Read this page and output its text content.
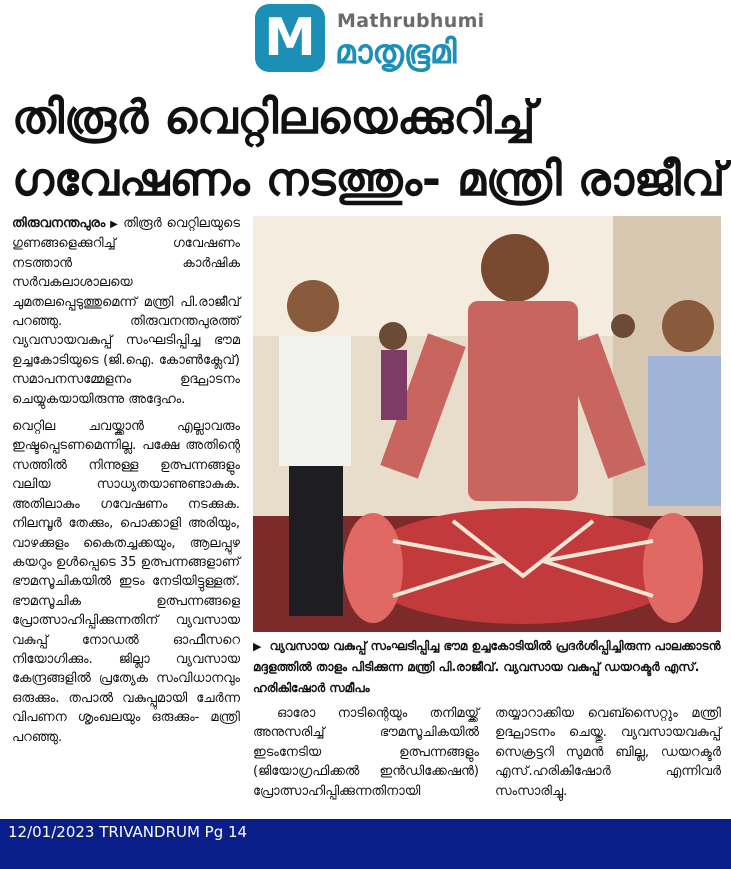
M Mathrubhumi
മാതൃഭൂമി
തിരൂർ വെറ്റിലയെക്കുറിച്ച്
ഗവേഷണം നടത്തും- മന്ത്രി രാജീവ്

തിരുവനന്തപുരം ▶ തിരൂർ വെറ്റിലയുടെ ഗുണങ്ങളെക്കുറിച്ച് ഗവേഷണം നടത്താൻ കാർഷിക സർവകലാശാലയെ ചുമതലപ്പെടുത്തുമെന്ന് മന്ത്രി പി.രാജീവ് പറഞ്ഞു. തിരുവനന്തപുരത്ത് വ്യവസായവകുപ്പ് സംഘടിപ്പിച്ച ഭൗമ ഉച്ചകോടിയുടെ (ജി.ഐ. കോൺക്ലേവ്) സമാപനസമ്മേളനം ഉദ്ഘാടനം ചെയ്യുകയായിരുന്നു അദ്ദേഹം.

വെറ്റില ചവയ്ക്കാൻ എല്ലാവരും ഇഷ്ടപ്പെടണമെന്നില്ല. പക്ഷേ അതിന്റെ സത്തിൽ നിന്നുള്ള ഉത്പന്നങ്ങളും വലിയ സാധ്യതയാണുണ്ടാകുക. അതിലാകും ഗവേഷണം നടക്കുക. നിലമ്പൂർ തേക്കും, പൊക്കാളി അരിയും, വാഴക്കുളം കൈതച്ചക്കയും, ആലപ്പുഴ കയറും ഉൾപ്പെടെ 35 ഉത്പന്നങ്ങളാണ് ഭൗമസൂചികയിൽ ഇടം നേടിയിട്ടുള്ളത്. ഭൗമസൂചിക ഉത്പന്നങ്ങളെ പ്രോത്സാഹിപ്പിക്കുന്നതിന് വ്യവസായ വകുപ്പ് നോഡൽ ഓഫീസറെ നിയോഗിക്കും. ജില്ലാ വ്യവസായ കേന്ദ്രങ്ങളിൽ പ്രത്യേക സംവിധാനവും ഒരുക്കും. തപാൽ വകുപ്പുമായി ചേർന്ന വിപണന ശൃംഖലയും ഒരുക്കും- മന്ത്രി പറഞ്ഞു.

▶ വ്യവസായ വകുപ്പ് സംഘടിപ്പിച്ച ഭൗമ ഉച്ചകോടിയിൽ പ്രദർശിപ്പിച്ചിരുന്ന പാലക്കാടൻ മദ്ദളത്തിൽ താളം പിടിക്കുന്ന മന്ത്രി പി.രാജീവ്. വ്യവസായ വകുപ്പ് ഡയറക്ടർ എസ്. ഹരികിഷോർ സമീപം

ഓരോ നാടിന്റെയും തനിമയ്ക്ക് അനുസരിച്ച് ഭൗമസൂചികയിൽ ഇടംനേടിയ ഉത്പന്നങ്ങളും (ജിയോഗ്രഫിക്കൽ ഇൻഡിക്കേഷൻ) പ്രോത്സാഹിപ്പിക്കുന്നതിനായി

തയ്യാറാക്കിയ വെബ്സൈറ്റും മന്ത്രി ഉദ്ഘാടനം ചെയ്തു. വ്യവസായവകുപ്പ് സെക്രട്ടറി സുമൻ ബില്ല, ഡയറക്ടർ എസ്.ഹരികിഷോർ എന്നിവർ സംസാരിച്ചു.

12/01/2023 TRIVANDRUM Pg 14
